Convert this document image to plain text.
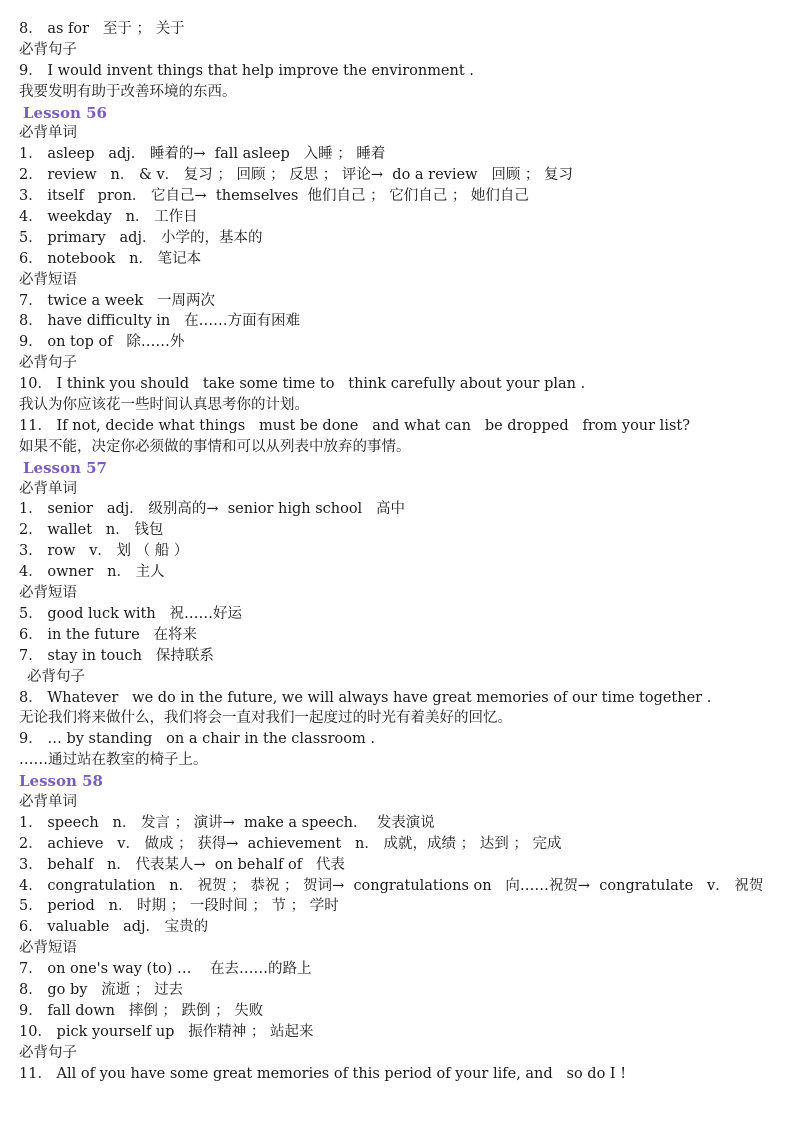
8． as for   至于 ； 关于
必背句子
9． I would invent things that help improve the environment .
我要发明有助于改善环境的东西。
Lesson 56
必背单词
1． asleep   adj． 睡着的→  fall asleep   入睡 ； 睡着
2． review   n． & v． 复习 ； 回顾 ； 反思 ； 评论→  do a review   回顾 ； 复习
3． itself   pron． 它自己→  themselves  他们自己 ； 它们自己 ； 她们自己
4． weekday   n． 工作日
5． primary   adj． 小学的，基本的
6． notebook   n． 笔记本
必背短语
7． twice a week   一周两次
8． have difficulty in   在……方面有困难
9． on top of   除……外
必背句子
10． I think you should   take some time to   think carefully about your plan .
我认为你应该花一些时间认真思考你的计划。
11． If not, decide what things   must be done   and what can   be dropped   from your list?
如果不能，决定你必须做的事情和可以从列表中放弃的事情。
Lesson 57
必背单词
1． senior   adj． 级别高的→  senior high school   高中
2． wallet   n． 钱包
3． row   v． 划 （ 船 ）
4． owner   n． 主人
必背短语
5． good luck with   祝……好运
6． in the future   在将来
7． stay in touch   保持联系
必背句子
8． Whatever   we do in the future, we will always have great memories of our time together .
无论我们将来做什么，我们将会一直对我们一起度过的时光有着美好的回忆。
9． … by standing   on a chair in the classroom .
……通过站在教室的椅子上。
Lesson 58
必背单词
1． speech   n． 发言 ； 演讲→  make a speech．  发表演说
2． achieve   v． 做成 ； 获得→  achievement   n． 成就，成绩 ； 达到 ； 完成
3． behalf   n． 代表某人→  on behalf of   代表
4． congratulation   n． 祝贺 ； 恭祝 ； 贺词→  congratulations on   向……祝贺→  congratulate   v． 祝贺
5． period   n． 时期 ； 一段时间 ； 节 ； 学时
6． valuable   adj． 宝贵的
必背短语
7． on one's way (to) …    在去……的路上
8． go by   流逝 ； 过去
9． fall down   摔倒 ； 跌倒 ； 失败
10． pick yourself up   振作精神 ； 站起来
必背句子
11． All of you have some great memories of this period of your life, and   so do I !
